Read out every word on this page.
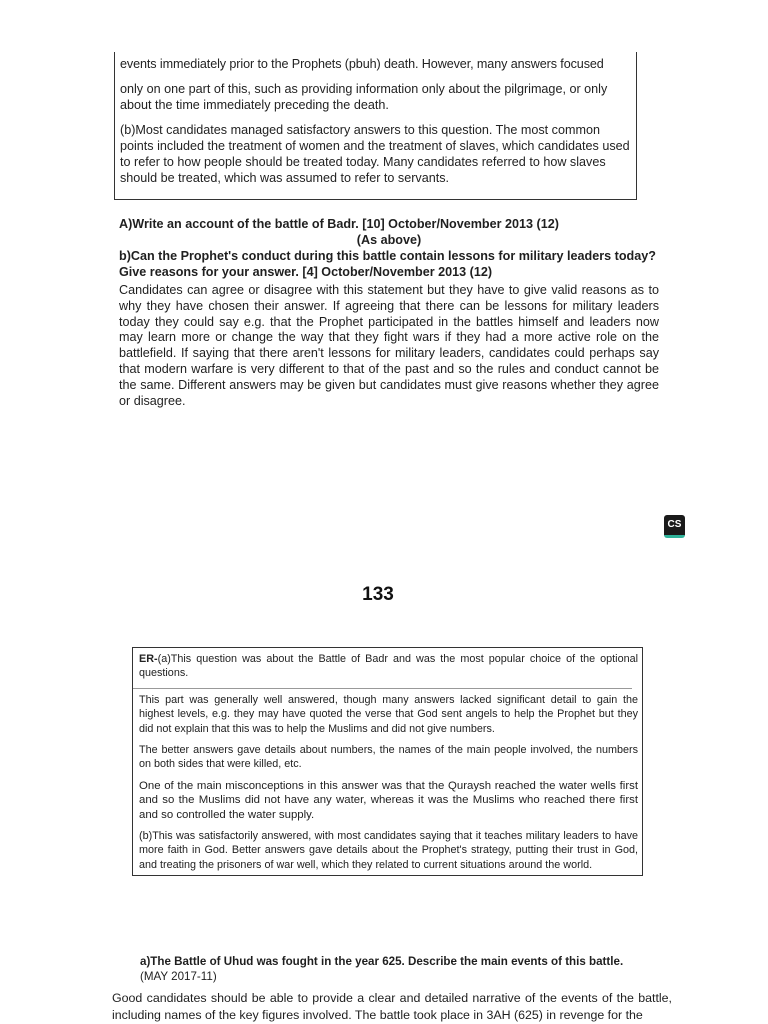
events immediately prior to the Prophets (pbuh) death. However, many answers focused

only on one part of this, such as providing information only about the pilgrimage, or only about the time immediately preceding the death.

(b)Most candidates managed satisfactory answers to this question. The most common points included the treatment of women and the treatment of slaves, which candidates used to refer to how people should be treated today. Many candidates referred to how slaves should be treated, which was assumed to refer to servants.

A)Write an account of the battle of Badr. [10] October/November 2013 (12)

(As above)

b)Can the Prophet's conduct during this battle contain lessons for military leaders today? Give reasons for your answer. [4] October/November 2013 (12)

Candidates can agree or disagree with this statement but they have to give valid reasons as to why they have chosen their answer. If agreeing that there can be lessons for military leaders today they could say e.g. that the Prophet participated in the battles himself and leaders now may learn more or change the way that they fight wars if they had a more active role on the battlefield. If saying that there aren't lessons for military leaders, candidates could perhaps say that modern warfare is very different to that of the past and so the rules and conduct cannot be the same. Different answers may be given but candidates must give reasons whether they agree or disagree.

CS
133

ER-(a)This question was about the Battle of Badr and was the most popular choice of the optional questions.

This part was generally well answered, though many answers lacked significant detail to gain the highest levels, e.g. they may have quoted the verse that God sent angels to help the Prophet but they did not explain that this was to help the Muslims and did not give numbers.

The better answers gave details about numbers, the names of the main people involved, the numbers on both sides that were killed, etc.

One of the main misconceptions in this answer was that the Quraysh reached the water wells first and so the Muslims did not have any water, whereas it was the Muslims who reached there first and so controlled the water supply.

(b)This was satisfactorily answered, with most candidates saying that it teaches military leaders to have more faith in God. Better answers gave details about the Prophet's strategy, putting their trust in God, and treating the prisoners of war well, which they related to current situations around the world.

a)The Battle of Uhud was fought in the year 625. Describe the main events of this battle.

(MAY 2017-11)

Good candidates should be able to provide a clear and detailed narrative of the events of the battle, including names of the key figures involved. The battle took place in 3AH (625) in revenge for the
